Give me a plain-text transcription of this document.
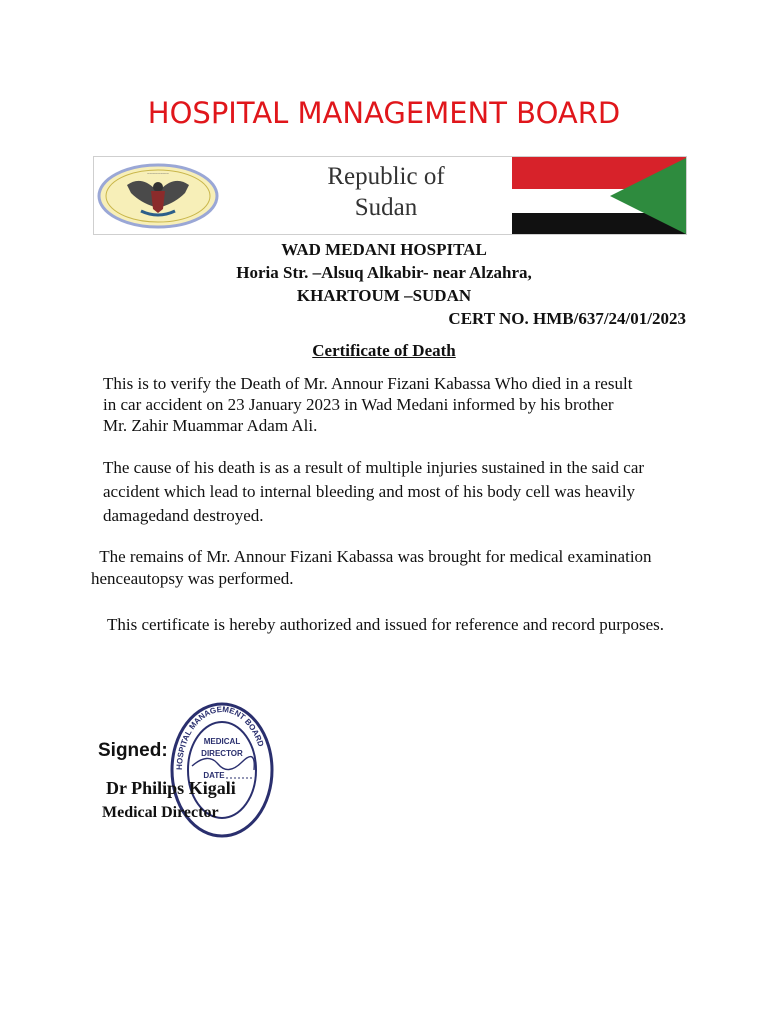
HOSPITAL MANAGEMENT BOARD
~~~~~~~~	Republic of
Sudan
WAD MEDANI HOSPITAL
Horia Str. –Alsuq Alkabir- near Alzahra,
KHARTOUM –SUDAN
CERT NO. HMB/637/24/01/2023
Certificate of Death
This is to verify the Death of Mr. Annour Fizani Kabassa Who died in a result
in car accident on 23 January 2023 in Wad Medani informed by his brother
Mr. Zahir Muammar Adam Ali.
The cause of his death is as a result of multiple injuries sustained in the said car
accident which lead to internal bleeding and most of his body cell was heavily
damagedand destroyed.
The remains of Mr. Annour Fizani Kabassa was brought for medical examination
henceautopsy was performed.
This certificate is hereby authorized and issued for reference and record purposes.
HOSPITAL MANAGEMENT BOARD
MEDICAL
DIRECTOR
DATE
Signed:
Dr Philips Kigali
Medical Director
